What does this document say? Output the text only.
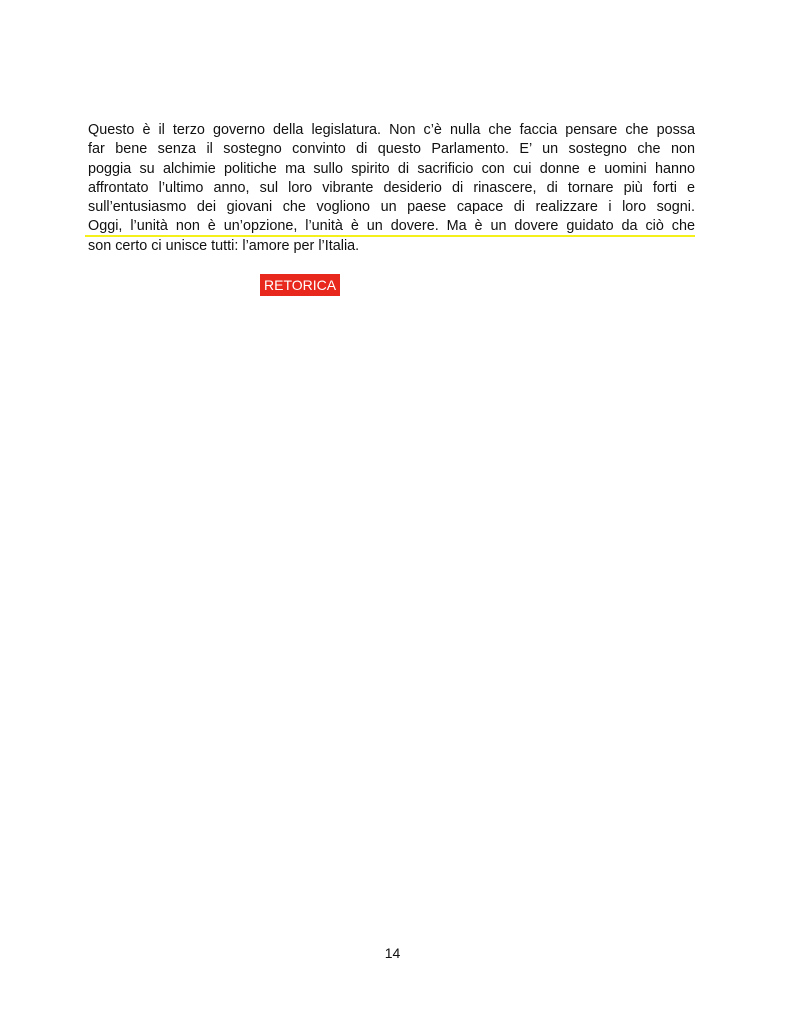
Questo è il terzo governo della legislatura. Non c’è nulla che faccia pensare che possa
far bene senza il sostegno convinto di questo Parlamento. E’ un sostegno che non
poggia su alchimie politiche ma sullo spirito di sacrificio con cui donne e uomini hanno
affrontato l’ultimo anno, sul loro vibrante desiderio di rinascere, di tornare più forti e
sull’entusiasmo dei giovani che vogliono un paese capace di realizzare i loro sogni.
Oggi, l’unità non è un’opzione, l’unità è un dovere. Ma è un dovere guidato da ciò che
son certo ci unisce tutti: l’amore per l’Italia.
RETORICA
14
